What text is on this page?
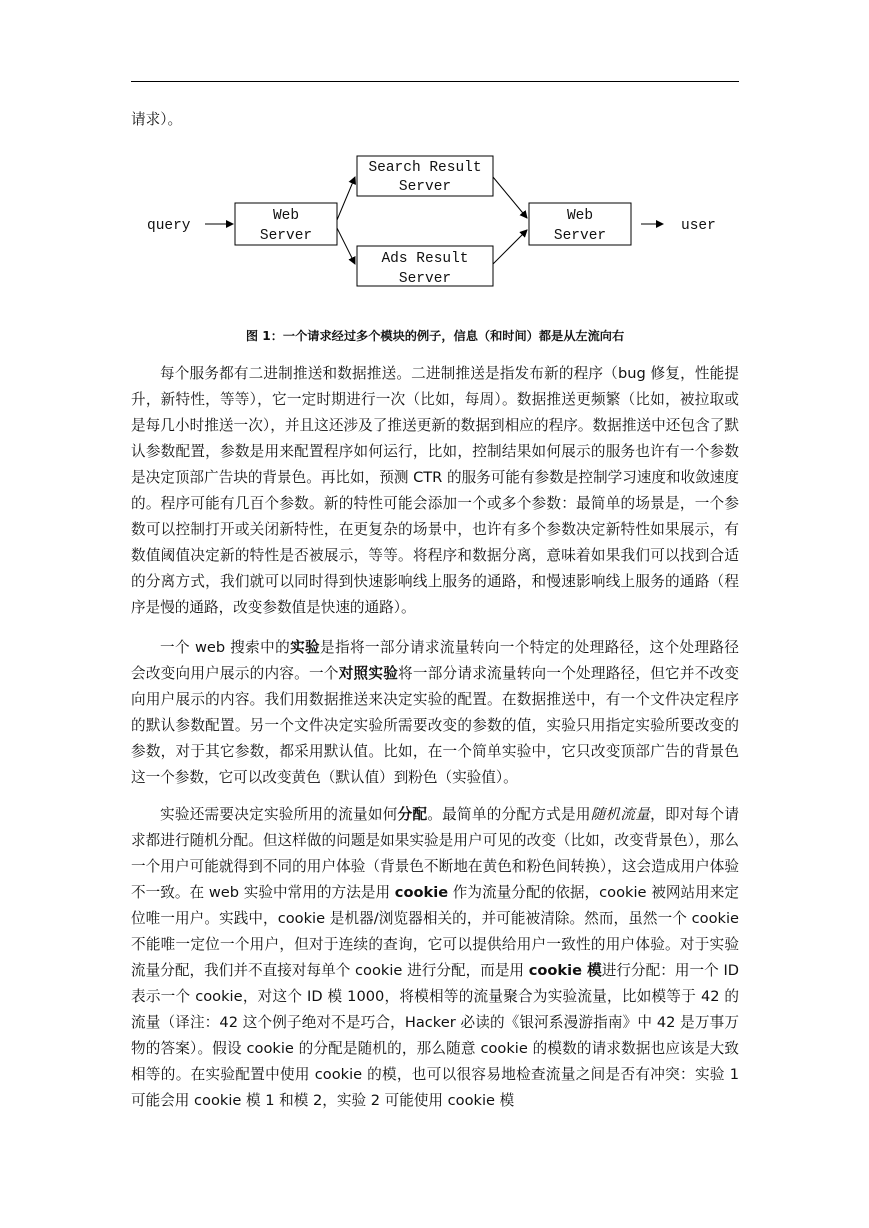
请求）。
query
Web
Server
Search Result
Server
Ads Result
Server
Web
Server
user
图 1：一个请求经过多个模块的例子，信息（和时间）都是从左流向右

每个服务都有二进制推送和数据推送。二进制推送是指发布新的程序（bug 修复，性能提升，新特性，等等），它一定时期进行一次（比如，每周）。数据推送更频繁（比如，被拉取或是每几小时推送一次），并且这还涉及了推送更新的数据到相应的程序。数据推送中还包含了默认参数配置，参数是用来配置程序如何运行，比如，控制结果如何展示的服务也许有一个参数是决定顶部广告块的背景色。再比如，预测 CTR 的服务可能有参数是控制学习速度和收敛速度的。程序可能有几百个参数。新的特性可能会添加一个或多个参数：最简单的场景是，一个参数可以控制打开或关闭新特性，在更复杂的场景中，也许有多个参数决定新特性如果展示，有数值阈值决定新的特性是否被展示，等等。将程序和数据分离，意味着如果我们可以找到合适的分离方式，我们就可以同时得到快速影响线上服务的通路，和慢速影响线上服务的通路（程序是慢的通路，改变参数值是快速的通路）。

一个 web 搜索中的实验是指将一部分请求流量转向一个特定的处理路径，这个处理路径会改变向用户展示的内容。一个对照实验将一部分请求流量转向一个处理路径，但它并不改变向用户展示的内容。我们用数据推送来决定实验的配置。在数据推送中，有一个文件决定程序的默认参数配置。另一个文件决定实验所需要改变的参数的值，实验只用指定实验所要改变的参数，对于其它参数，都采用默认值。比如，在一个简单实验中，它只改变顶部广告的背景色这一个参数，它可以改变黄色（默认值）到粉色（实验值）。

实验还需要决定实验所用的流量如何分配。最简单的分配方式是用随机流量，即对每个请求都进行随机分配。但这样做的问题是如果实验是用户可见的改变（比如，改变背景色），那么一个用户可能就得到不同的用户体验（背景色不断地在黄色和粉色间转换），这会造成用户体验不一致。在 web 实验中常用的方法是用 cookie 作为流量分配的依据，cookie 被网站用来定位唯一用户。实践中，cookie 是机器/浏览器相关的，并可能被清除。然而，虽然一个 cookie 不能唯一定位一个用户，但对于连续的查询，它可以提供给用户一致性的用户体验。对于实验流量分配，我们并不直接对每单个 cookie 进行分配，而是用 cookie 模进行分配：用一个 ID 表示一个 cookie，对这个 ID 模 1000，将模相等的流量聚合为实验流量，比如模等于 42 的流量（译注：42 这个例子绝对不是巧合，Hacker 必读的《银河系漫游指南》中 42 是万事万物的答案）。假设 cookie 的分配是随机的，那么随意 cookie 的模数的请求数据也应该是大致相等的。在实验配置中使用 cookie 的模，也可以很容易地检查流量之间是否有冲突：实验 1 可能会用 cookie 模 1 和模 2，实验 2 可能使用 cookie 模
